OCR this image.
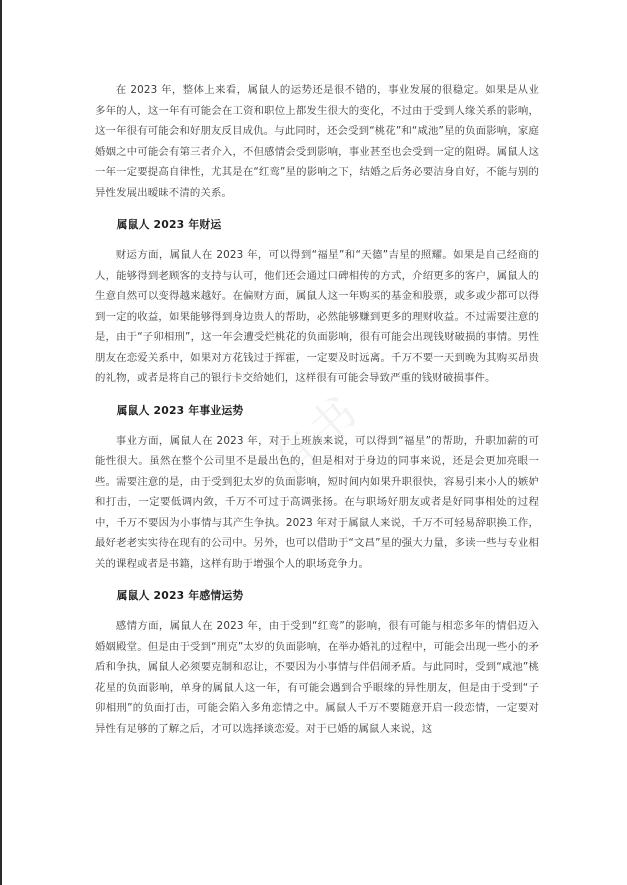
有书

在 2023 年，整体上来看，属鼠人的运势还是很不错的，事业发展的很稳定。如果是从业多年的人，这一年有可能会在工资和职位上都发生很大的变化，不过由于受到人缘关系的影响，这一年很有可能会和好朋友反目成仇。与此同时，还会受到“桃花”和“咸池”星的负面影响，家庭婚姻之中可能会有第三者介入，不但感情会受到影响，事业甚至也会受到一定的阻碍。属鼠人这一年一定要提高自律性，尤其是在“红鸾”星的影响之下，结婚之后务必要洁身自好，不能与别的异性发展出暧昧不清的关系。

属鼠人 2023 年财运

财运方面，属鼠人在 2023 年，可以得到“福星”和“天德”吉星的照耀。如果是自己经商的人，能够得到老顾客的支持与认可，他们还会通过口碑相传的方式，介绍更多的客户，属鼠人的生意自然可以变得越来越好。在偏财方面，属鼠人这一年购买的基金和股票，或多或少都可以得到一定的收益，如果能够得到身边贵人的帮助，必然能够赚到更多的理财收益。不过需要注意的是，由于“子卯相刑”，这一年会遭受烂桃花的负面影响，很有可能会出现钱财破损的事情。男性朋友在恋爱关系中，如果对方花钱过于挥霍，一定要及时远离。千万不要一天到晚为其购买昂贵的礼物，或者是将自己的银行卡交给她们，这样很有可能会导致严重的钱财破损事件。

属鼠人 2023 年事业运势

事业方面，属鼠人在 2023 年，对于上班族来说，可以得到“福星”的帮助，升职加薪的可能性很大。虽然在整个公司里不是最出色的，但是相对于身边的同事来说，还是会更加亮眼一些。需要注意的是，由于受到犯太岁的负面影响，短时间内如果升职很快，容易引来小人的嫉妒和打击，一定要低调内敛，千万不可过于高调张扬。在与职场好朋友或者是好同事相处的过程中，千万不要因为小事情与其产生争执。2023 年对于属鼠人来说，千万不可轻易辞职换工作，最好老老实实待在现有的公司中。另外，也可以借助于“文昌”星的强大力量，多读一些与专业相关的课程或者是书籍，这样有助于增强个人的职场竞争力。

属鼠人 2023 年感情运势

感情方面，属鼠人在 2023 年，由于受到“红鸾”的影响，很有可能与相恋多年的情侣迈入婚姻殿堂。但是由于受到“刑克”太岁的负面影响，在举办婚礼的过程中，可能会出现一些小的矛盾和争执，属鼠人必须要克制和忍让，不要因为小事情与伴侣闹矛盾。与此同时，受到“咸池”桃花星的负面影响，单身的属鼠人这一年，有可能会遇到合乎眼缘的异性朋友，但是由于受到“子卯相刑”的负面打击，可能会陷入多角恋情之中。属鼠人千万不要随意开启一段恋情，一定要对异性有足够的了解之后，才可以选择谈恋爱。对于已婚的属鼠人来说，这
